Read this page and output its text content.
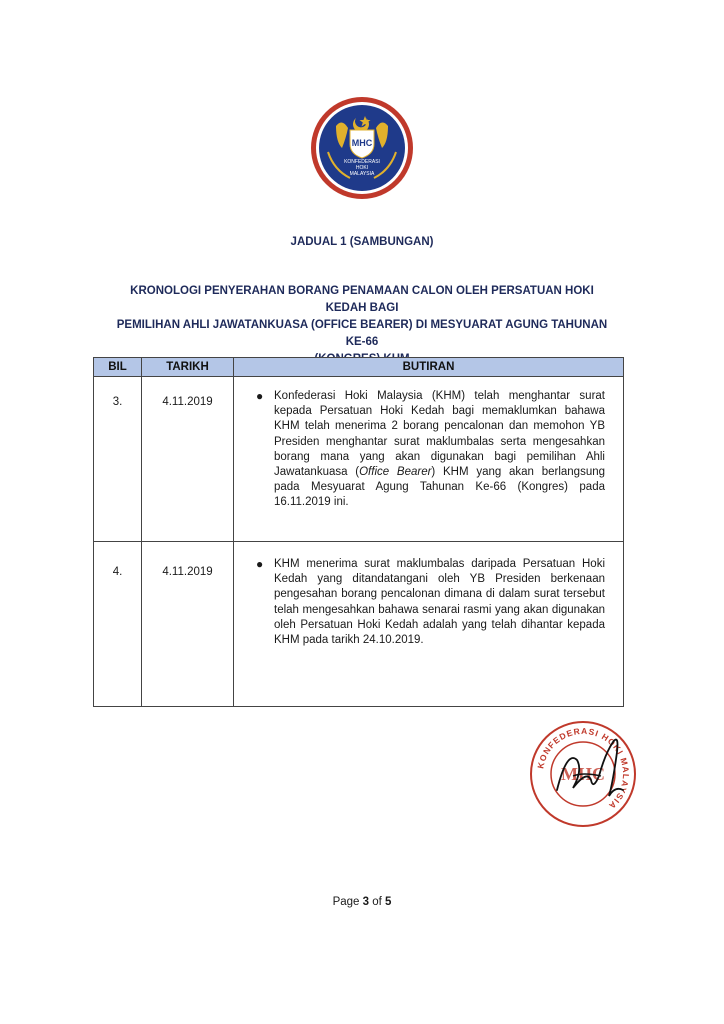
MHC
KONFEDERASI
HOKI
MALAYSIA
JADUAL 1 (SAMBUNGAN)
KRONOLOGI PENYERAHAN BORANG PENAMAAN CALON OLEH PERSATUAN HOKI KEDAH BAGI
PEMILIHAN AHLI JAWATANKUASA (OFFICE BEARER) DI MESYUARAT AGUNG TAHUNAN KE-66
BIL	TARIKH	BUTIRAN
3.	4.11.2019	● Konfederasi Hoki Malaysia (KHM) telah menghantar surat kepada Persatuan Hoki Kedah bagi memaklumkan bahawa KHM telah menerima 2 borang pencalonan dan memohon YB Presiden menghantar surat maklumbalas serta mengesahkan borang mana yang akan digunakan bagi pemilihan Ahli Jawatankuasa (Office Bearer) KHM yang akan berlangsung pada Mesyuarat Agung Tahunan Ke-66 (Kongres) pada 16.11.2019 ini.

4.	4.11.2019	● KHM menerima surat maklumbalas daripada Persatuan Hoki Kedah yang ditandatangani oleh YB Presiden berkenaan pengesahan borang pencalonan dimana di dalam surat tersebut telah mengesahkan bahawa senarai rasmi yang akan digunakan oleh Persatuan Hoki Kedah adalah yang telah dihantar kepada KHM pada tarikh 24.10.2019.
KONFEDERASI HOKI MALAYSIA
MHC
Page 3 of 5
